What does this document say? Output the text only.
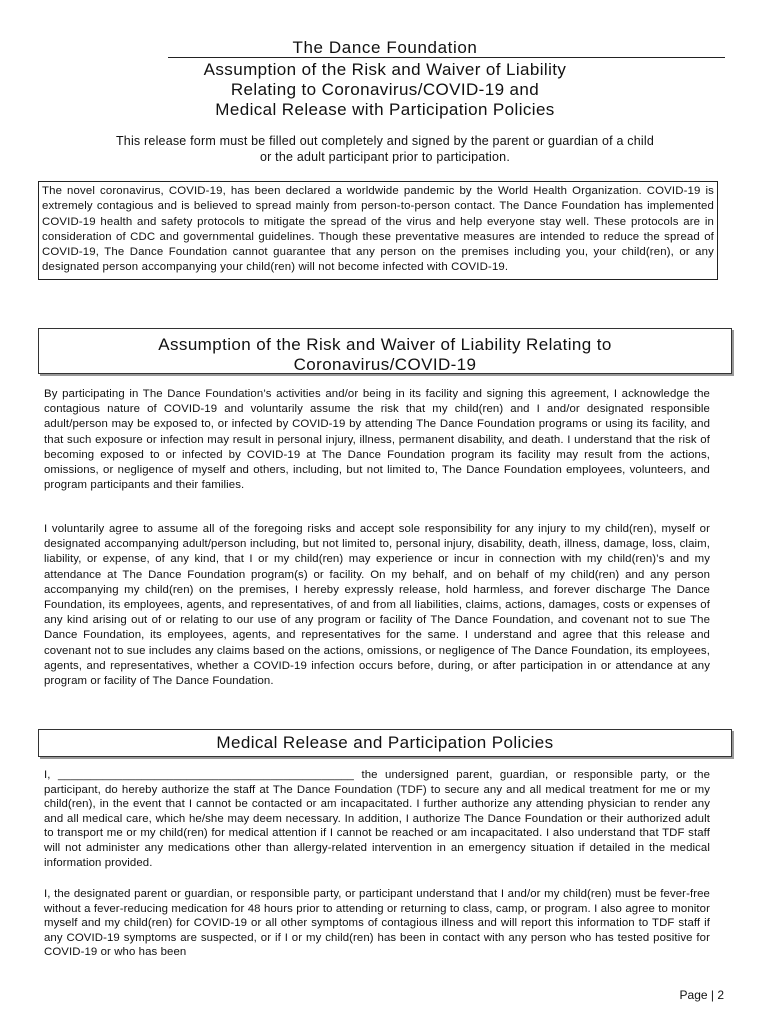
The Dance Foundation
Assumption of the Risk and Waiver of Liability
Relating to Coronavirus/COVID-19 and
Medical Release with Participation Policies
This release form must be filled out completely and signed by the parent or guardian of a child
or the adult participant prior to participation.
The novel coronavirus, COVID-19, has been declared a worldwide pandemic by the World Health Organization. COVID-19 is extremely contagious and is believed to spread mainly from person-to-person contact. The Dance Foundation has implemented COVID-19 health and safety protocols to mitigate the spread of the virus and help everyone stay well. These protocols are in consideration of CDC and governmental guidelines. Though these preventative measures are intended to reduce the spread of COVID-19, The Dance Foundation cannot guarantee that any person on the premises including you, your child(ren), or any designated person accompanying your child(ren) will not become infected with COVID-19.
Assumption of the Risk and Waiver of Liability Relating to
Coronavirus/COVID-19

By participating in The Dance Foundation’s activities and/or being in its facility and signing this agreement, I acknowledge the contagious nature of COVID-19 and voluntarily assume the risk that my child(ren) and I and/or designated responsible adult/person may be exposed to, or infected by COVID-19 by attending The Dance Foundation programs or using its facility, and that such exposure or infection may result in personal injury, illness, permanent disability, and death. I understand that the risk of becoming exposed to or infected by COVID-19 at The Dance Foundation program its facility may result from the actions, omissions, or negligence of myself and others, including, but not limited to, The Dance Foundation employees, volunteers, and program participants and their families.

I voluntarily agree to assume all of the foregoing risks and accept sole responsibility for any injury to my child(ren), myself or designated accompanying adult/person including, but not limited to, personal injury, disability, death, illness, damage, loss, claim, liability, or expense, of any kind, that I or my child(ren) may experience or incur in connection with my child(ren)’s and my attendance at The Dance Foundation program(s) or facility. On my behalf, and on behalf of my child(ren) and any person accompanying my child(ren) on the premises, I hereby expressly release, hold harmless, and forever discharge The Dance Foundation, its employees, agents, and representatives, of and from all liabilities, claims, actions, damages, costs or expenses of any kind arising out of or relating to our use of any program or facility of The Dance Foundation, and covenant not to sue The Dance Foundation, its employees, agents, and representatives for the same. I understand and agree that this release and covenant not to sue includes any claims based on the actions, omissions, or negligence of The Dance Foundation, its employees, agents, and representatives, whether a COVID-19 infection occurs before, during, or after participation in or attendance at any program or facility of The Dance Foundation.

Medical Release and Participation Policies

I, ______________________________________________ the undersigned parent, guardian, or responsible party, or the participant, do hereby authorize the staff at The Dance Foundation (TDF) to secure any and all medical treatment for me or my child(ren), in the event that I cannot be contacted or am incapacitated. I further authorize any attending physician to render any and all medical care, which he/she may deem necessary. In addition, I authorize The Dance Foundation or their authorized adult to transport me or my child(ren) for medical attention if I cannot be reached or am incapacitated. I also understand that TDF staff will not administer any medications other than allergy-related intervention in an emergency situation if detailed in the medical information provided.

I, the designated parent or guardian, or responsible party, or participant understand that I and/or my child(ren) must be fever-free without a fever-reducing medication for 48 hours prior to attending or returning to class, camp, or program. I also agree to monitor myself and my child(ren) for COVID-19 or all other symptoms of contagious illness and will report this information to TDF staff if any COVID-19 symptoms are suspected, or if I or my child(ren) has been in contact with any person who has tested positive for COVID-19 or who has been

Page | 2
